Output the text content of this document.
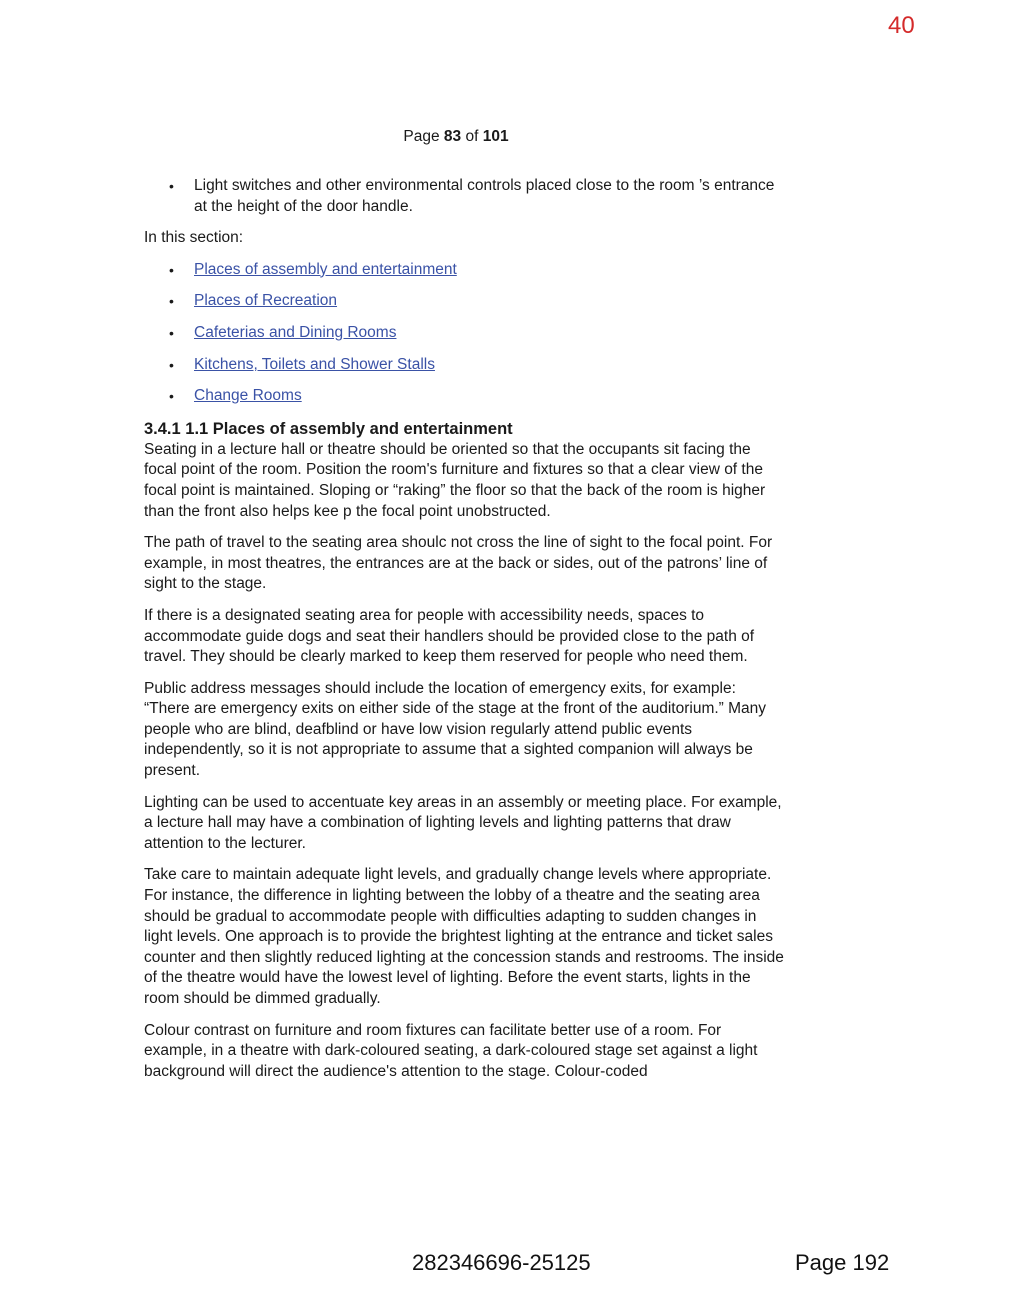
40
Page 83 of 101
• Light switches and other environmental controls placed close to the room ’s entrance at the height of the door handle.

In this section:

• Places of assembly and entertainment
• Places of Recreation
• Cafeterias and Dining Rooms
• Kitchens, Toilets and Shower Stalls
• Change Rooms
3.4.1 1.1 Places of assembly and entertainment

Seating in a lecture hall or theatre should be oriented so that the occupants sit facing the focal point of the room. Position the room's furniture and fixtures so that a clear view of the focal point is maintained. Sloping or “raking” the floor so that the back of the room is higher than the front also helps kee p the focal point unobstructed.

The path of travel to the seating area shoulc not cross the line of sight to the focal point. For example, in most theatres, the entrances are at the back or sides, out of the patrons’ line of sight to the stage.

If there is a designated seating area for people with accessibility needs, spaces to accommodate guide dogs and seat their handlers should be provided close to the path of travel. They should be clearly marked to keep them reserved for people who need them.

Public address messages should include the location of emergency exits, for example: “There are emergency exits on either side of the stage at the front of the auditorium.” Many people who are blind, deafblind or have low vision regularly attend public events independently, so it is not appropriate to assume that a sighted companion will always be present.

Lighting can be used to accentuate key areas in an assembly or meeting place. For example, a lecture hall may have a combination of lighting levels and lighting patterns that draw attention to the lecturer.

Take care to maintain adequate light levels, and gradually change levels where appropriate. For instance, the difference in lighting between the lobby of a theatre and the seating area should be gradual to accommodate people with difficulties adapting to sudden changes in light levels. One approach is to provide the brightest lighting at the entrance and ticket sales counter and then slightly reduced lighting at the concession stands and restrooms. The inside of the theatre would have the lowest level of lighting. Before the event starts, lights in the room should be dimmed gradually.

Colour contrast on furniture and room fixtures can facilitate better use of a room. For example, in a theatre with dark-coloured seating, a dark-coloured stage set against a light background will direct the audience's attention to the stage. Colour-coded

282346696-25125	Page 192
